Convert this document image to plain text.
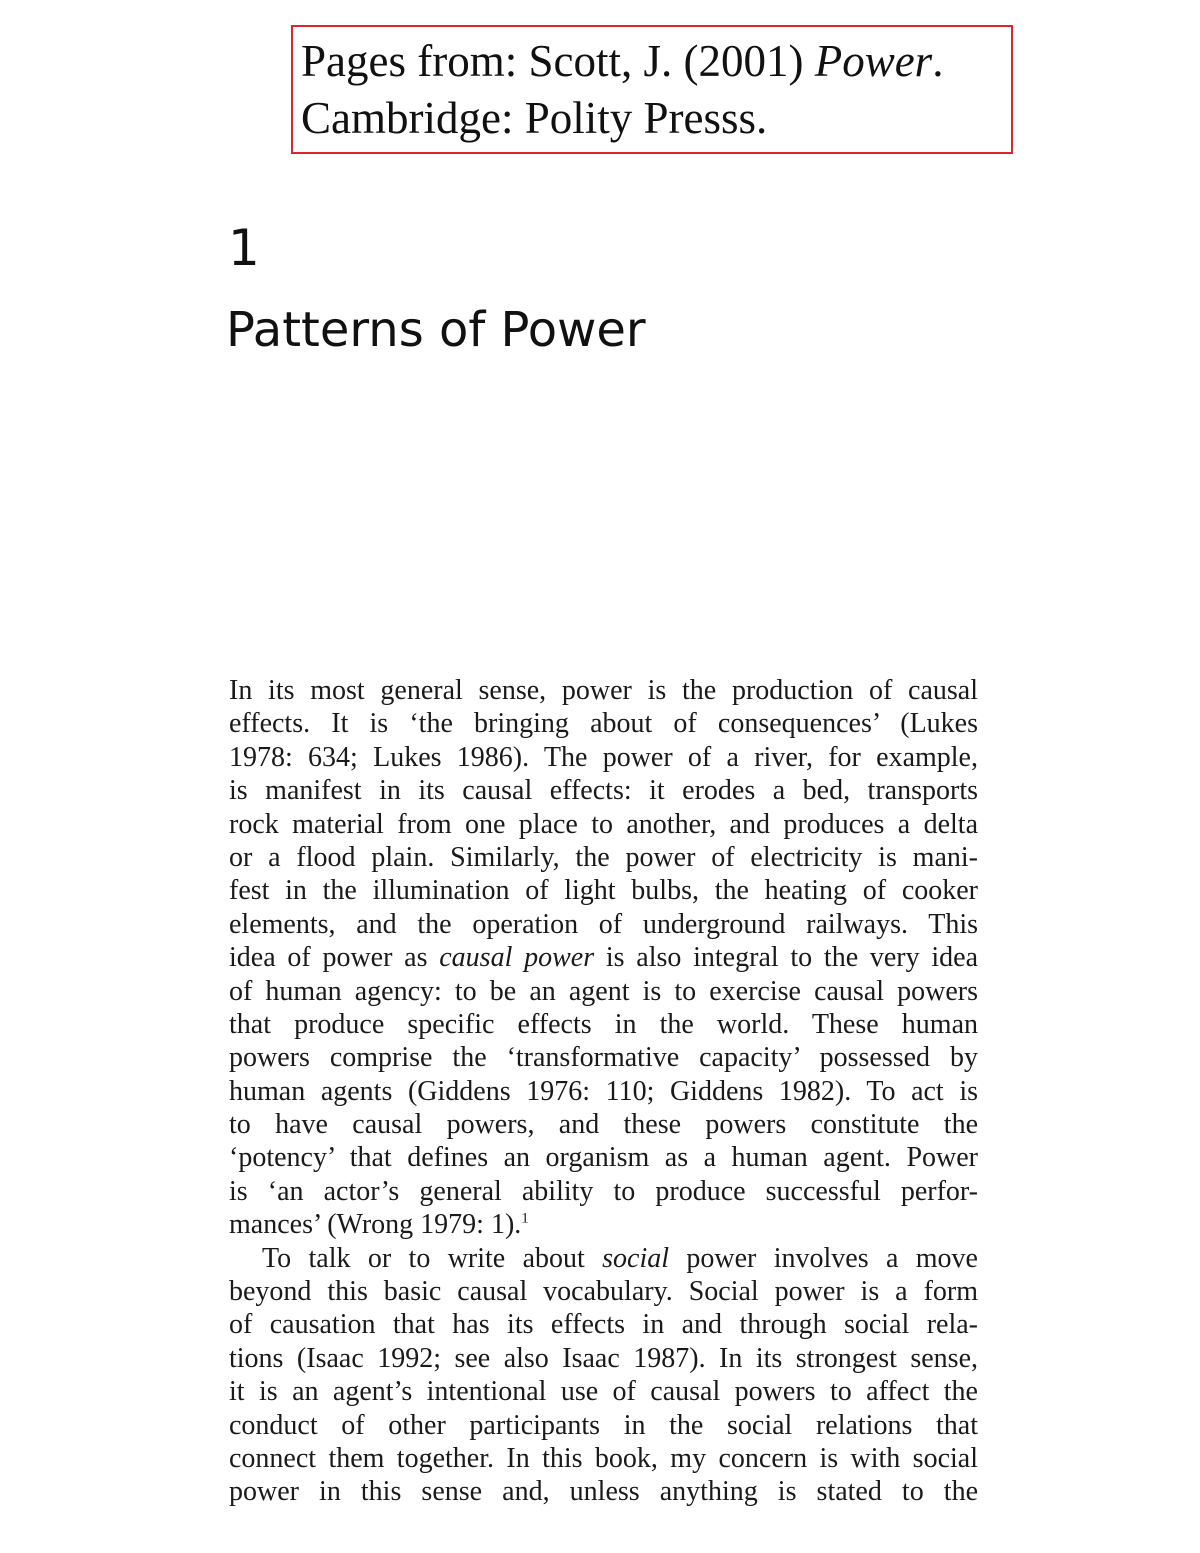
Pages from: Scott, J. (2001) Power.
Cambridge: Polity Presss.
1
Patterns of Power
In its most general sense, power is the production of causal
effects. It is ‘the bringing about of consequences’ (Lukes
1978: 634; Lukes 1986). The power of a river, for example,
is manifest in its causal effects: it erodes a bed, transports
rock material from one place to another, and produces a delta
or a flood plain. Similarly, the power of electricity is mani-
fest in the illumination of light bulbs, the heating of cooker
elements, and the operation of underground railways. This
idea of power as causal power is also integral to the very idea
of human agency: to be an agent is to exercise causal powers
that produce specific effects in the world. These human
powers comprise the ‘transformative capacity’ possessed by
human agents (Giddens 1976: 110; Giddens 1982). To act is
to have causal powers, and these powers constitute the
‘potency’ that defines an organism as a human agent. Power
is ‘an actor’s general ability to produce successful perfor-
mances’ (Wrong 1979: 1).$^1$
To talk or to write about social power involves a move
beyond this basic causal vocabulary. Social power is a form
of causation that has its effects in and through social rela-
tions (Isaac 1992; see also Isaac 1987). In its strongest sense,
it is an agent’s intentional use of causal powers to affect the
conduct of other participants in the social relations that
connect them together. In this book, my concern is with social
power in this sense and, unless anything is stated to the
